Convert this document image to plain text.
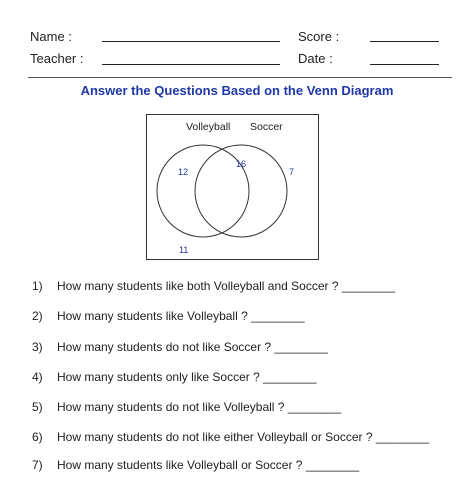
Name :	Score :
Teacher :	Date :
Answer the Questions Based on the Venn Diagram
Volleyball Soccer
12
16
7
11
1) How many students like both Volleyball and Soccer ? ________
2) How many students like Volleyball ? ________
3) How many students do not like Soccer ? ________
4) How many students only like Soccer ? ________
5) How many students do not like Volleyball ? ________
6) How many students do not like either Volleyball or Soccer ? ________
7) How many students like Volleyball or Soccer ? ________
